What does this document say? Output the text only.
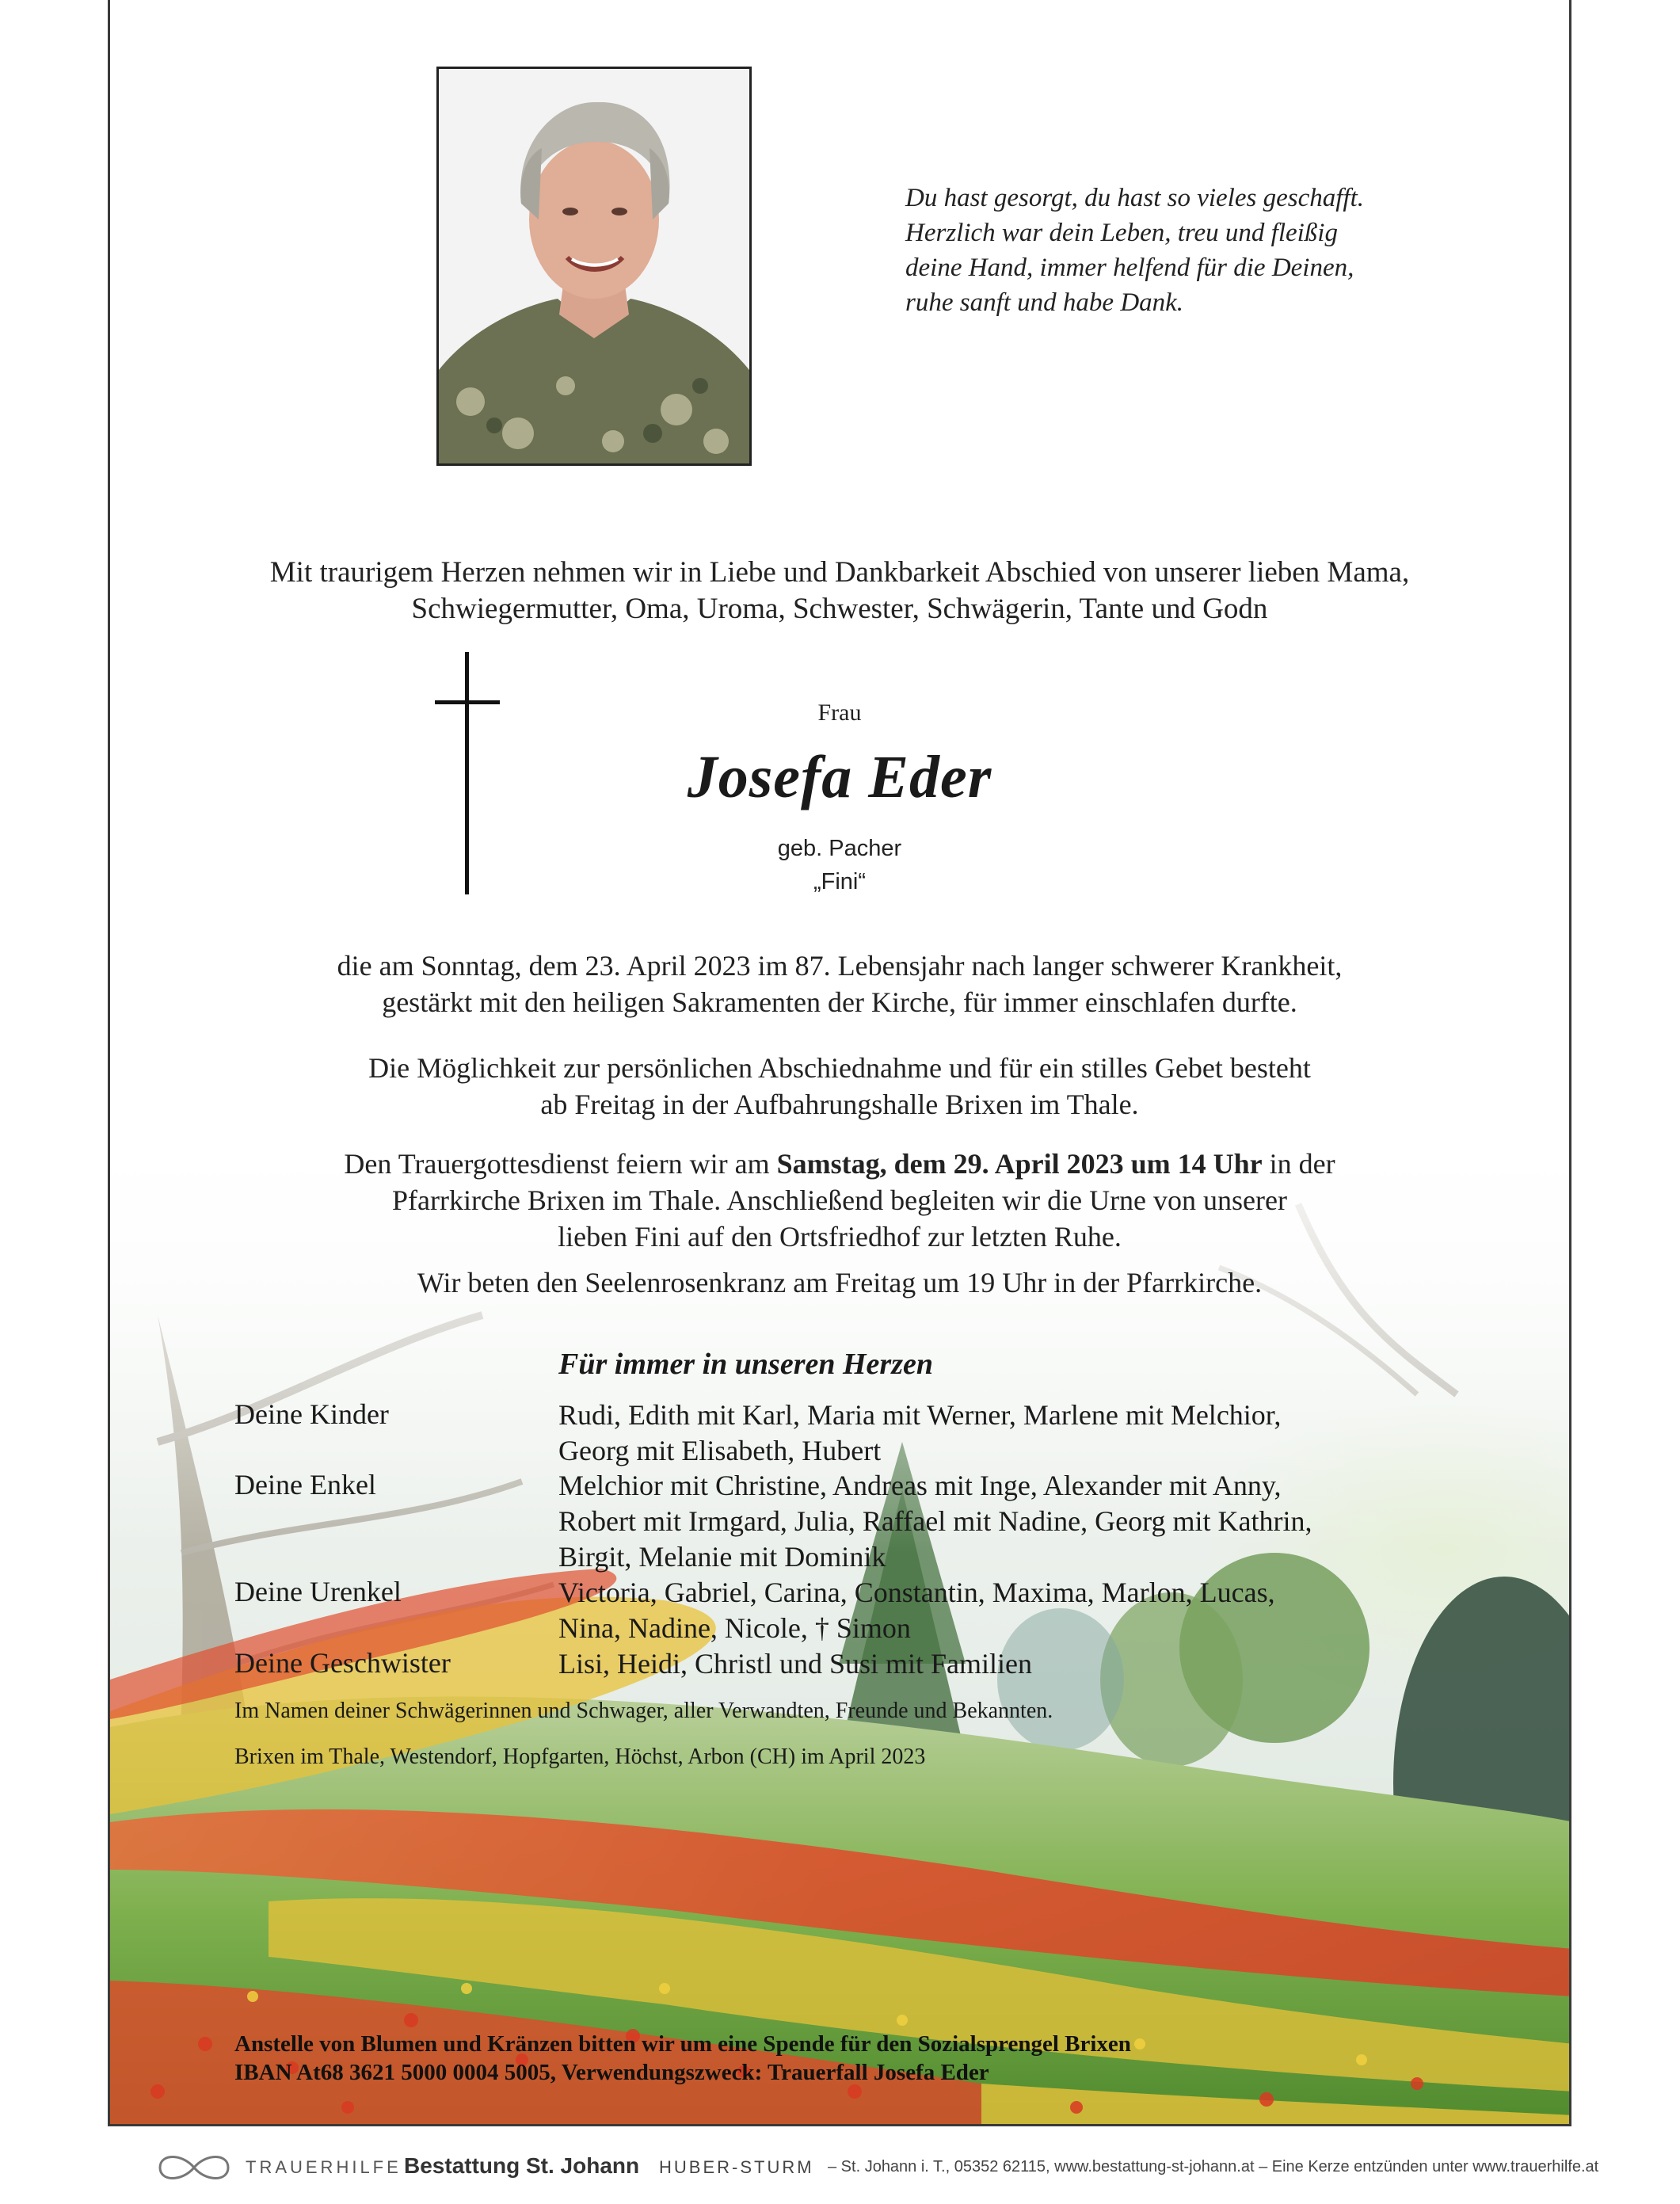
Du hast gesorgt, du hast so vieles geschafft.
Herzlich war dein Leben, treu und fleißig
deine Hand, immer helfend für die Deinen,
ruhe sanft und habe Dank.
Mit traurigem Herzen nehmen wir in Liebe und Dankbarkeit Abschied von unserer lieben Mama,
Schwiegermutter, Oma, Uroma, Schwester, Schwägerin, Tante und Godn
Frau
Josefa Eder
geb. Pacher
„Fini“
die am Sonntag, dem 23. April 2023 im 87. Lebensjahr nach langer schwerer Krankheit,
gestärkt mit den heiligen Sakramenten der Kirche, für immer einschlafen durfte.
Die Möglichkeit zur persönlichen Abschiednahme und für ein stilles Gebet besteht
ab Freitag in der Aufbahrungshalle Brixen im Thale.
Den Trauergottesdienst feiern wir am Samstag, dem 29. April 2023 um 14 Uhr in der
Pfarrkirche Brixen im Thale. Anschließend begleiten wir die Urne von unserer
lieben Fini auf den Ortsfriedhof zur letzten Ruhe.
Wir beten den Seelenrosenkranz am Freitag um 19 Uhr in der Pfarrkirche.
Für immer in unseren Herzen
Deine Kinder	Rudi, Edith mit Karl, Maria mit Werner, Marlene mit Melchior,
Georg mit Elisabeth, Hubert
Deine Enkel	Melchior mit Christine, Andreas mit Inge, Alexander mit Anny,
Robert mit Irmgard, Julia, Raffael mit Nadine, Georg mit Kathrin,
Birgit, Melanie mit Dominik
Deine Urenkel	Victoria, Gabriel, Carina, Constantin, Maxima, Marlon, Lucas,
Nina, Nadine, Nicole, † Simon
Deine Geschwister	Lisi, Heidi, Christl und Susi mit Familien
Im Namen deiner Schwägerinnen und Schwager, aller Verwandten, Freunde und Bekannten.
Brixen im Thale, Westendorf, Hopfgarten, Höchst, Arbon (CH) im April 2023
Anstelle von Blumen und Kränzen bitten wir um eine Spende für den Sozialsprengel Brixen
IBAN At68 3621 5000 0004 5005, Verwendungszweck: Trauerfall Josefa Eder
TRAUERHILFE Bestattung St. Johann HUBER-STURM – St. Johann i. T., 05352 62115, www.bestattung-st-johann.at – Eine Kerze entzünden unter www.trauerhilfe.at
